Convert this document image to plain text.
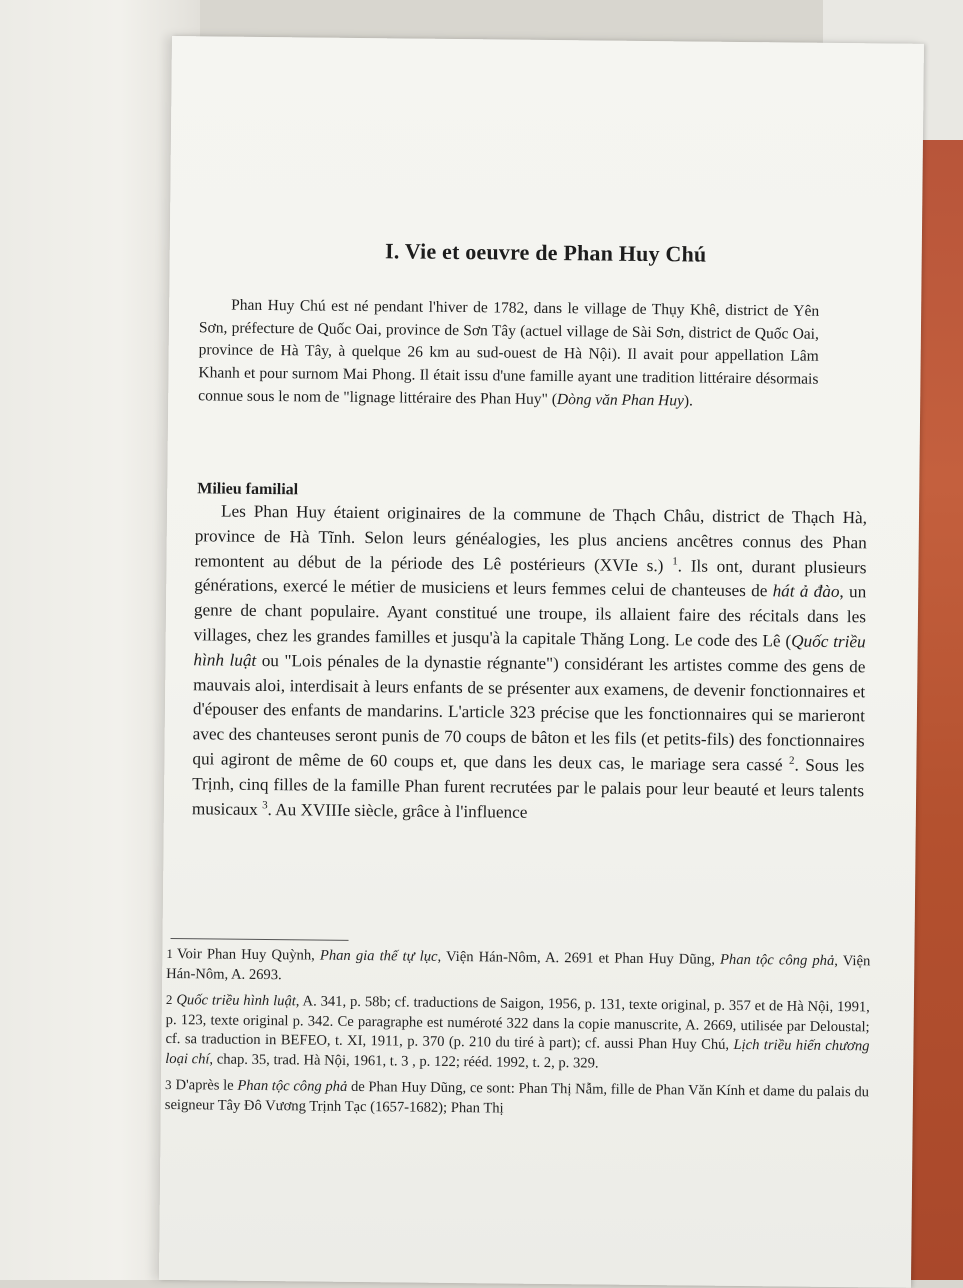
I. Vie et oeuvre de Phan Huy Chú

Phan Huy Chú est né pendant l'hiver de 1782, dans le village de Thụy Khê, district de Yên Sơn, préfecture de Quốc Oai, province de Sơn Tây (actuel village de Sài Sơn, district de Quốc Oai, province de Hà Tây, à quelque 26 km au sud-ouest de Hà Nội). Il avait pour appellation Lâm Khanh et pour surnom Mai Phong. Il était issu d'une famille ayant une tradition littéraire désormais connue sous le nom de "lignage littéraire des Phan Huy" (Dòng văn Phan Huy).

Milieu familial

Les Phan Huy étaient originaires de la commune de Thạch Châu, district de Thạch Hà, province de Hà Tĩnh. Selon leurs généalogies, les plus anciens ancêtres connus des Phan remontent au début de la période des Lê postérieurs (XVIe s.) $^1$. Ils ont, durant plusieurs générations, exercé le métier de musiciens et leurs femmes celui de chanteuses de hát ả đào, un genre de chant populaire. Ayant constitué une troupe, ils allaient faire des récitals dans les villages, chez les grandes familles et jusqu'à la capitale Thăng Long. Le code des Lê (Quốc triều hình luật ou "Lois pénales de la dynastie régnante") considérant les artistes comme des gens de mauvais aloi, interdisait à leurs enfants de se présenter aux examens, de devenir fonctionnaires et d'épouser des enfants de mandarins. L'article 323 précise que les fonctionnaires qui se marieront avec des chanteuses seront punis de 70 coups de bâton et les fils (et petits-fils) des fonctionnaires qui agiront de même de 60 coups et, que dans les deux cas, le mariage sera cassé $^2$. Sous les Trịnh, cinq filles de la famille Phan furent recrutées par le palais pour leur beauté et leurs talents musicaux $^3$. Au XVIIIe siècle, grâce à l'influence

1 Voir Phan Huy Quỳnh, Phan gia thế tự lục, Viện Hán-Nôm, A. 2691 et Phan Huy Dũng, Phan tộc công phả, Viện Hán-Nôm, A. 2693.

2 Quốc triều hình luật, A. 341, p. 58b; cf. traductions de Saigon, 1956, p. 131, texte original, p. 357 et de Hà Nội, 1991, p. 123, texte original p. 342. Ce paragraphe est numéroté 322 dans la copie manuscrite, A. 2669, utilisée par Deloustal; cf. sa traduction in BEFEO, t. XI, 1911, p. 370 (p. 210 du tiré à part); cf. aussi Phan Huy Chú, Lịch triều hiến chương loại chí, chap. 35, trad. Hà Nội, 1961, t. 3 , p. 122; rééd. 1992, t. 2, p. 329.

3 D'après le Phan tộc công phả de Phan Huy Dũng, ce sont: Phan Thị Nẫm, fille de Phan Văn Kính et dame du palais du seigneur Tây Đô Vương Trịnh Tạc (1657-1682); Phan Thị
